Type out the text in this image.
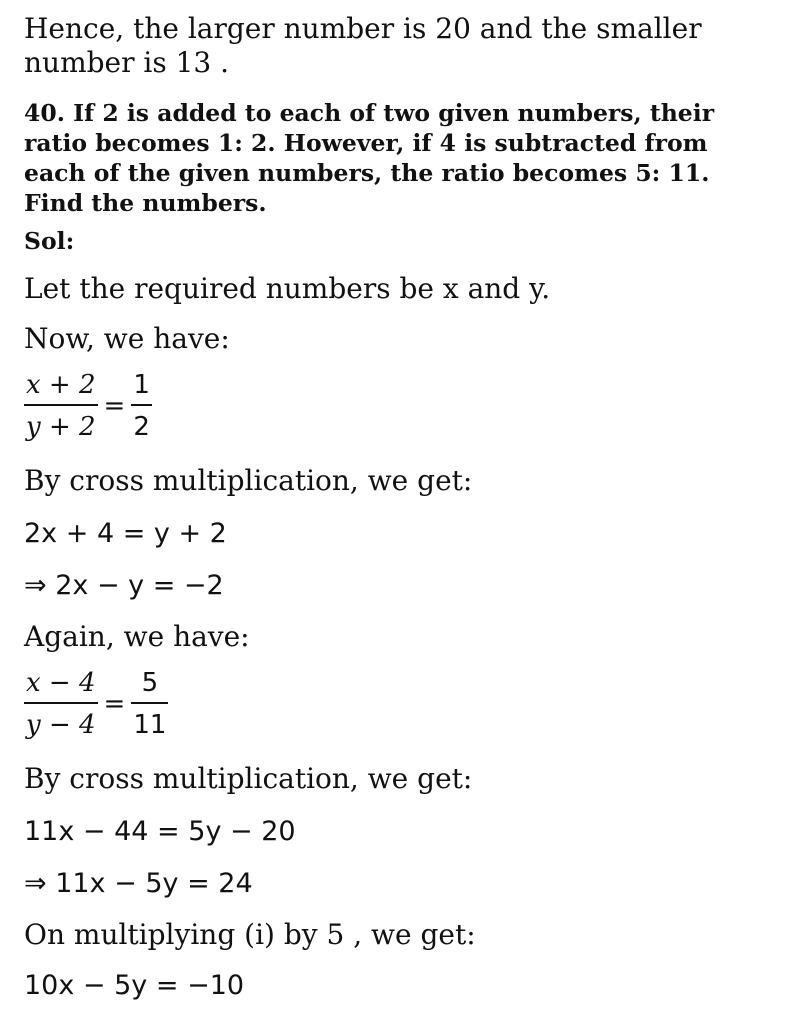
Hence, the larger number is 20 and the smaller
number is 13 .
40. If 2 is added to each of two given numbers, their ratio becomes 1: 2. However, if 4 is subtracted from each of the given numbers, the ratio becomes 5: 11. Find the numbers.
Sol:
Let the required numbers be x and y.
Now, we have:
$\frac{x + 2}{y + 2} = \frac{1}{2}$
By cross multiplication, we get:
2x + 4 = y + 2
⇒ 2x − y = −2
Again, we have:
$\frac{x - 4}{y - 4} = \frac{5}{11}$
By cross multiplication, we get:
11x − 44 = 5y − 20
⇒ 11x − 5y = 24
On multiplying (i) by 5 , we get:
10x − 5y = −10
